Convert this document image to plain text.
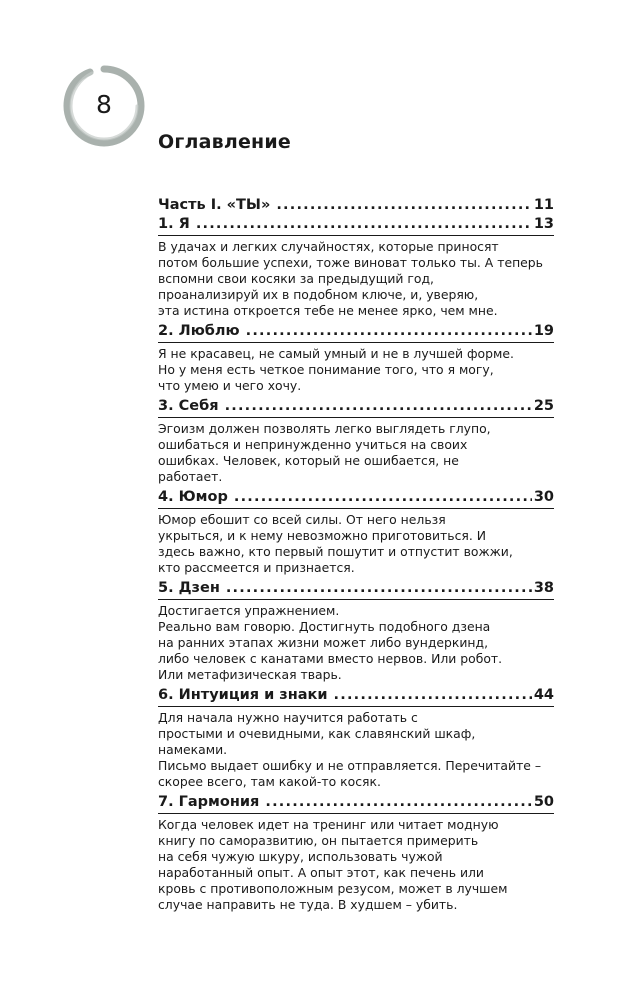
8
Оглавление
Часть I. «ТЫ» .....	11
1. Я .....	13
В удачах и легких случайностях, которые приносят
потом большие успехи, тоже виноват только ты. А теперь
вспомни свои косяки за предыдущий год,
проанализируй их в подобном ключе, и, уверяю,
эта истина откроется тебе не менее ярко, чем мне.
2. Люблю .....	19
Я не красавец, не самый умный и не в лучшей форме.
Но у меня есть четкое понимание того, что я могу,
что умею и чего хочу.
3. Себя .....	25
Эгоизм должен позволять легко выглядеть глупо,
ошибаться и непринужденно учиться на своих
ошибках. Человек, который не ошибается, не
работает.
4. Юмор .....	30
Юмор ебошит со всей силы. От него нельзя
укрыться, и к нему невозможно приготовиться. И
здесь важно, кто первый пошутит и отпустит вожжи,
кто рассмеется и признается.
5. Дзен .....	38
Достигается упражнением.
Реально вам говорю. Достигнуть подобного дзена
на ранних этапах жизни может либо вундеркинд,
либо человек с канатами вместо нервов. Или робот.
Или метафизическая тварь.
6. Интуиция и знаки .....	44
Для начала нужно научится работать с
простыми и очевидными, как славянский шкаф,
намеками.
Письмо выдает ошибку и не отправляется. Перечитайте –
скорее всего, там какой-то косяк.
7. Гармония .....	50
Когда человек идет на тренинг или читает модную
книгу по саморазвитию, он пытается примерить
на себя чужую шкуру, использовать чужой
наработанный опыт. А опыт этот, как печень или
кровь с противоположным резусом, может в лучшем
случае направить не туда. В худшем – убить.
